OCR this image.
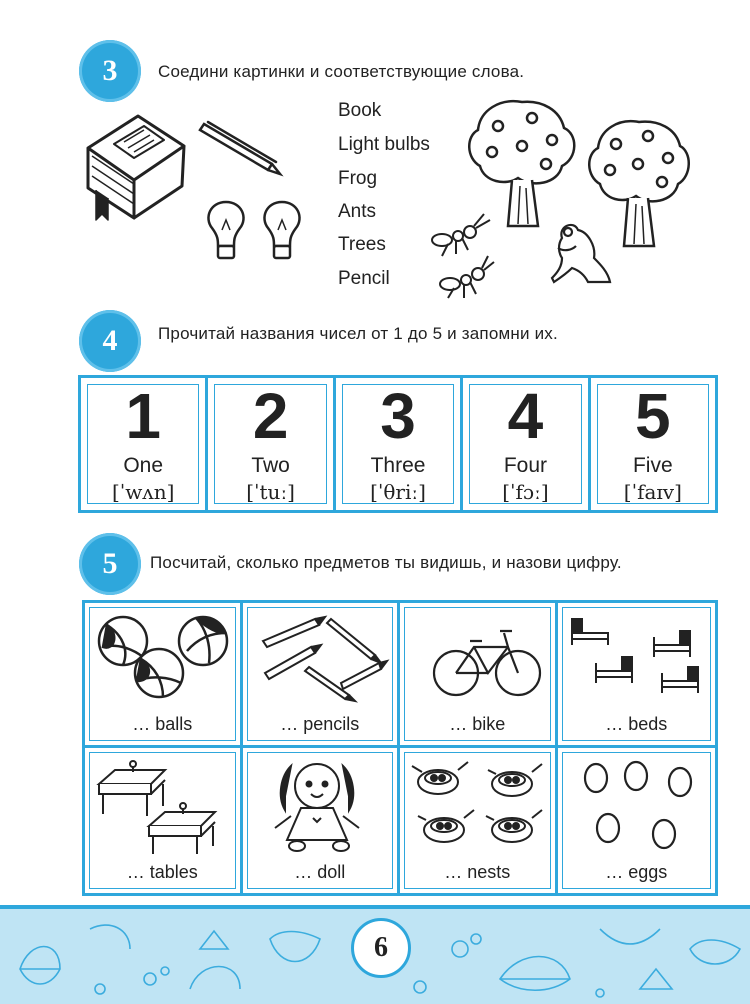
3	Соедини картинки и соответствующие слова.
Book
Light bulbs
Frog
Ants
Trees
Pencil
4	Прочитай названия чисел от 1 до 5 и запомни их.
1
One
[ˈwʌn]
2
Two
[ˈtuː]
3
Three
[ˈθriː]
4
Four
[ˈfɔː]
5
Five
[ˈfaɪv]
5	Посчитай, сколько предметов ты видишь, и назови цифру.
… balls	… pencils	… bike	… beds
… tables	… doll	… nests	… eggs
6
